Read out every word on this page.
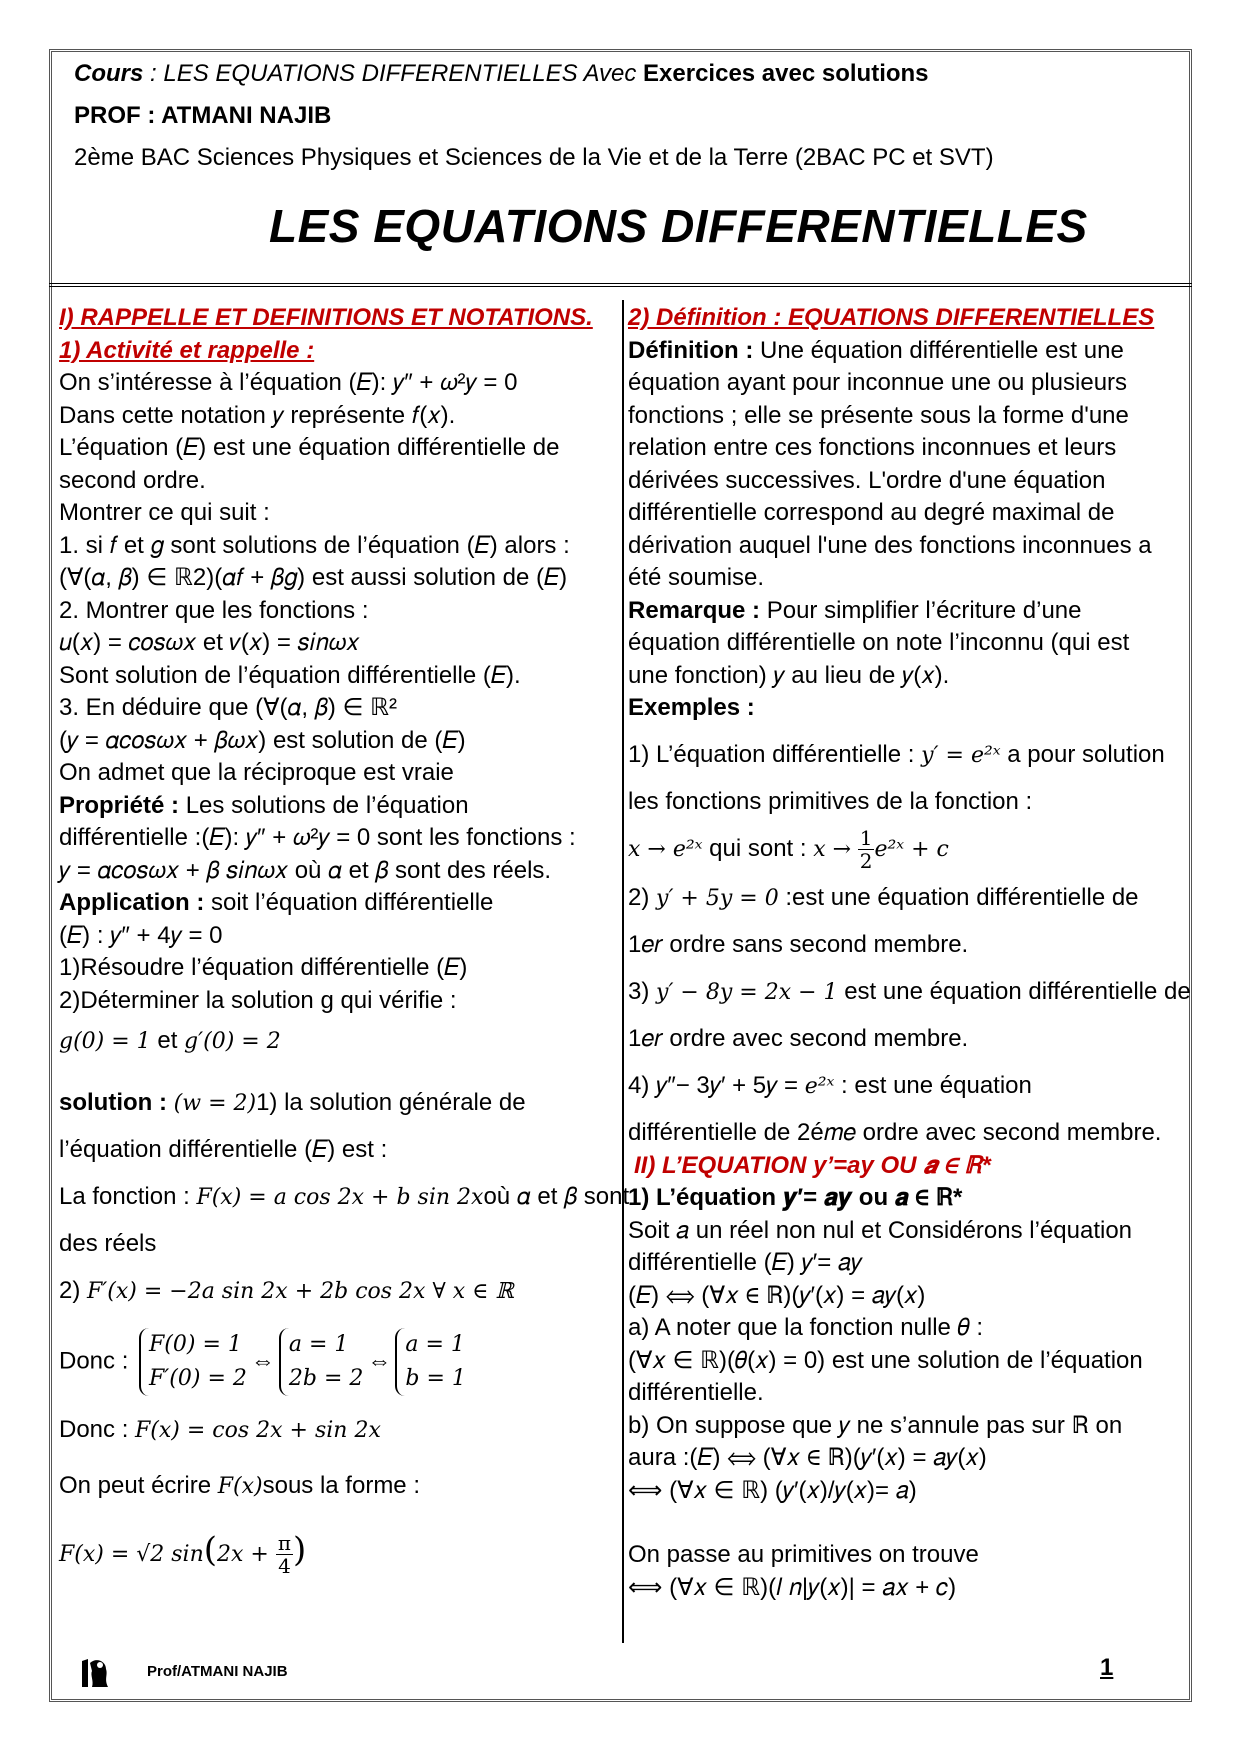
Cours : LES EQUATIONS DIFFERENTIELLES Avec Exercices avec solutions
PROF : ATMANI NAJIB
2ème BAC Sciences Physiques et Sciences de la Vie et de la Terre (2BAC PC et SVT)
LES EQUATIONS DIFFERENTIELLES

I) RAPPELLE ET DEFINITIONS ET NOTATIONS.

1) Activité et rappelle :

On s’intéresse à l’équation (𝐸): 𝑦″ + 𝜔²𝑦 = 0

Dans cette notation 𝑦 représente 𝑓(𝑥).

L’équation (𝐸) est une équation différentielle de

second ordre.

Montrer ce qui suit :

1. si 𝑓 et 𝑔 sont solutions de l’équation (𝐸) alors :

(∀(𝛼, 𝛽) ∈ ℝ2)(𝛼𝑓 + 𝛽𝑔) est aussi solution de (𝐸)

2. Montrer que les fonctions :

𝑢(𝑥) = 𝑐𝑜𝑠𝜔𝑥 et 𝑣(𝑥) = 𝑠𝑖𝑛𝜔𝑥

Sont solution de l’équation différentielle (𝐸).

3. En déduire que (∀(𝛼, 𝛽) ∈ ℝ²

(𝑦 = 𝛼𝑐𝑜𝑠𝜔𝑥 + 𝛽𝜔𝑥) est solution de (𝐸)

On admet que la réciproque est vraie

Propriété : Les solutions de l’équation

différentielle :(𝐸): 𝑦″ + 𝜔²𝑦 = 0 sont les fonctions :

𝑦 = 𝛼𝑐𝑜𝑠𝜔𝑥 + 𝛽 𝑠𝑖𝑛𝜔𝑥 où 𝛼 et 𝛽 sont des réels.

Application : soit l’équation différentielle

(𝐸) : 𝑦″ + 4𝑦 = 0

1)Résoudre l’équation différentielle (𝐸)

2)Déterminer la solution g qui vérifie :

g(0) = 1 et g′(0) = 2

solution : (w = 2)1) la solution générale de

l’équation différentielle (𝐸) est :

La fonction : F(x) = a cos 2x + b sin 2xoù 𝛼 et 𝛽 sont

des réels

2) F′(x) = −2a sin 2x + 2b cos 2x ∀ x ∈ ℝ

Donc : F(0) = 1
F′(0) = 2⇔a = 1
2b = 2⇔a = 1
b = 1

Donc : F(x) = cos 2x + sin 2x

On peut écrire F(x)sous la forme :

F(x) = √2 $\sin(2x + \frac{\pi}{4}$ )

2) Définition : EQUATIONS DIFFERENTIELLES

Définition : Une équation différentielle est une

équation ayant pour inconnue une ou plusieurs

fonctions ; elle se présente sous la forme d'une

relation entre ces fonctions inconnues et leurs

dérivées successives. L'ordre d'une équation

différentielle correspond au degré maximal de

dérivation auquel l'une des fonctions inconnues a

été soumise.

Remarque : Pour simplifier l’écriture d’une

équation différentielle on note l’inconnu (qui est

une fonction) 𝑦 au lieu de 𝑦(𝑥).

Exemples :

1) L’équation différentielle : y′ = e²ˣ a pour solution

les fonctions primitives de la fonction :

x → e²ˣ qui sont : $x \to \frac{1}{2}$ e²ˣ + c

2) y′ + 5y = 0 :est une équation différentielle de

1𝑒𝑟 ordre sans second membre.

3) y′ − 8y = 2x − 1 est une équation différentielle de

1𝑒𝑟 ordre avec second membre.

4) 𝑦″− 3𝑦′ + 5𝑦 = e²ˣ : est une équation

différentielle de 2é𝑚𝑒 ordre avec second membre.

II) L’EQUATION y’=ay OU 𝒂 ∈ ℝ*

1) L’équation 𝒚′= 𝒂𝒚 ou 𝒂 ∈ ℝ*

Soit 𝑎 un réel non nul et Considérons l’équation

différentielle (𝐸) 𝑦′= 𝑎𝑦

(𝐸) ⟺ (∀𝑥 ∈ ℝ)(𝑦′(𝑥) = 𝑎𝑦(𝑥)

a) A noter que la fonction nulle 𝜃 :

(∀𝑥 ∈ ℝ)(𝜃(𝑥) = 0) est une solution de l’équation

différentielle.

b) On suppose que 𝑦 ne s’annule pas sur ℝ on

aura :(𝐸) ⟺ (∀𝑥 ∈ ℝ)(𝑦′(𝑥) = 𝑎𝑦(𝑥)

⟺ (∀𝑥 ∈ ℝ) (𝑦′(𝑥)/𝑦(𝑥)= 𝑎)

On passe au primitives on trouve

⟺ (∀𝑥 ∈ ℝ)(𝑙 𝑛|𝑦(𝑥)| = 𝑎𝑥 + 𝑐)

Prof/ATMANI NAJIB	1
